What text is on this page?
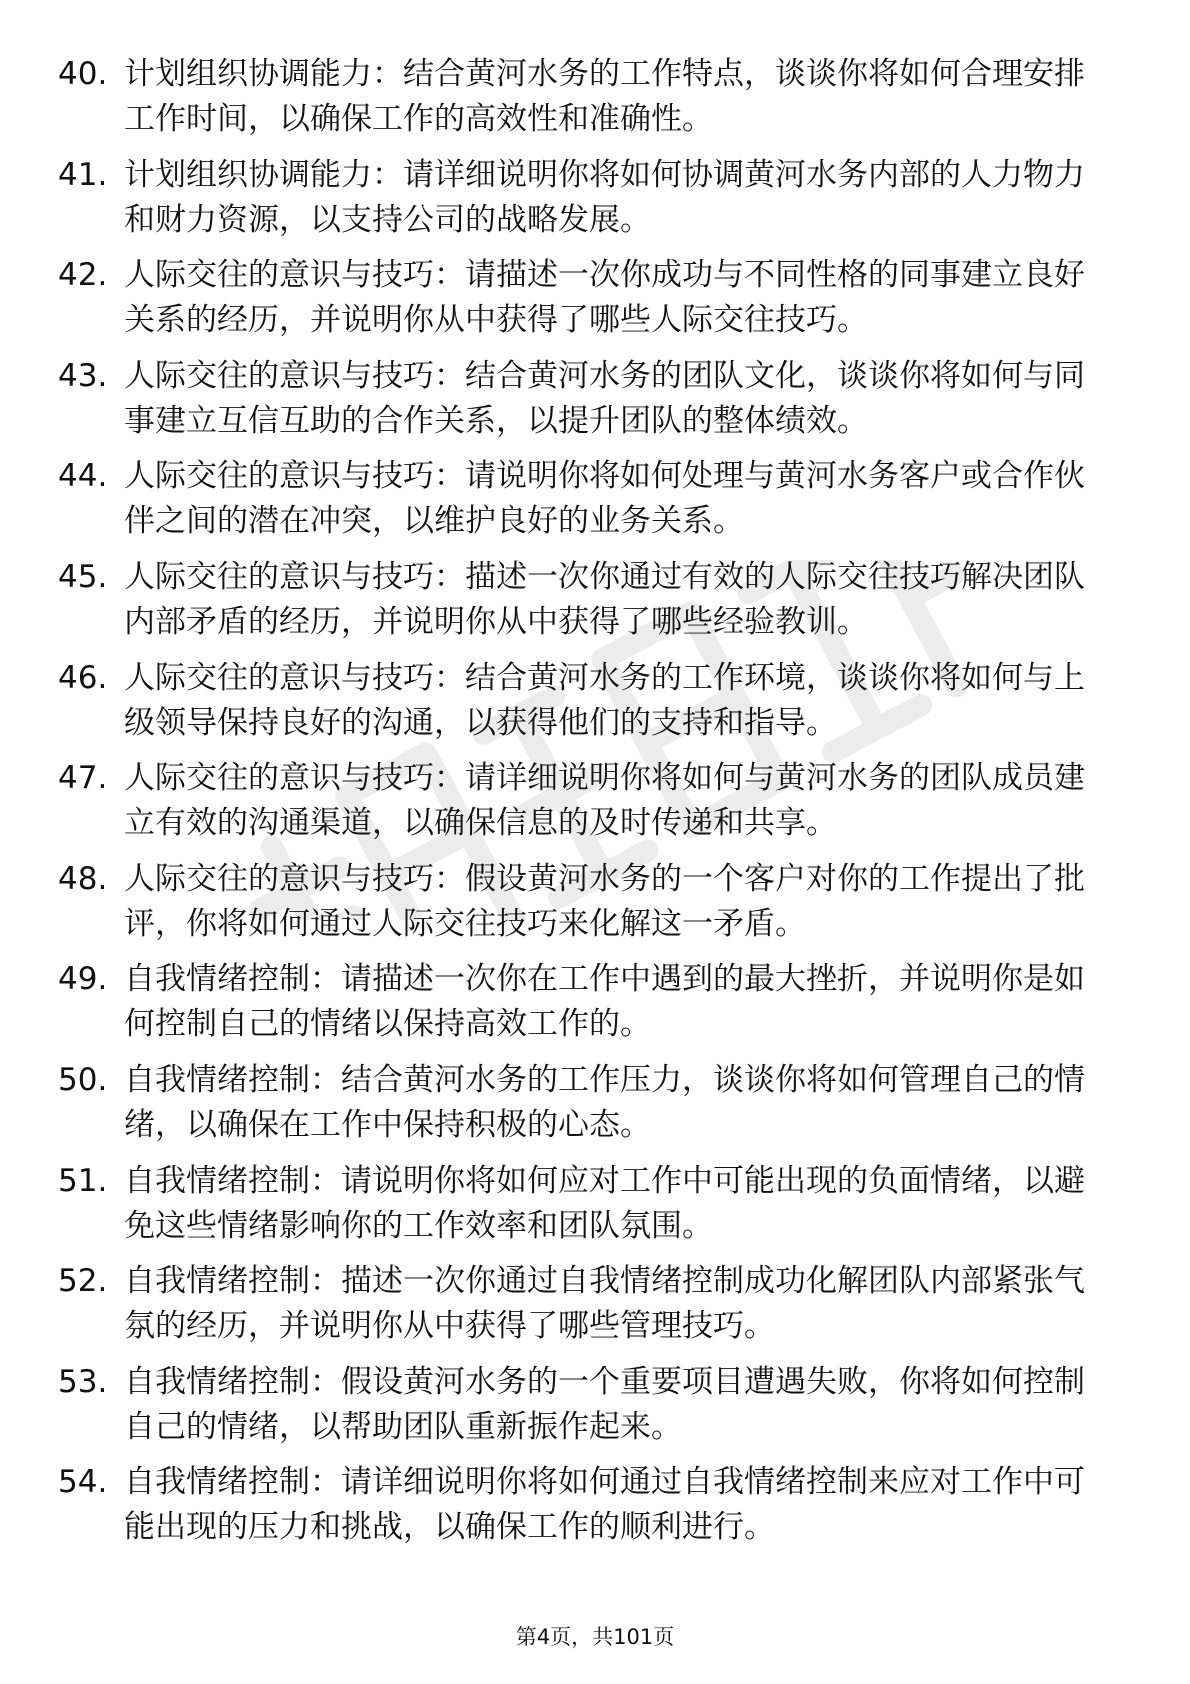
40. 计划组织协调能力：结合黄河水务的工作特点，谈谈你将如何合理安排工作时间，以确保工作的高效性和准确性。
41. 计划组织协调能力：请详细说明你将如何协调黄河水务内部的人力物力和财力资源，以支持公司的战略发展。
42. 人际交往的意识与技巧：请描述一次你成功与不同性格的同事建立良好关系的经历，并说明你从中获得了哪些人际交往技巧。
43. 人际交往的意识与技巧：结合黄河水务的团队文化，谈谈你将如何与同事建立互信互助的合作关系，以提升团队的整体绩效。
44. 人际交往的意识与技巧：请说明你将如何处理与黄河水务客户或合作伙伴之间的潜在冲突，以维护良好的业务关系。
45. 人际交往的意识与技巧：描述一次你通过有效的人际交往技巧解决团队内部矛盾的经历，并说明你从中获得了哪些经验教训。
46. 人际交往的意识与技巧：结合黄河水务的工作环境，谈谈你将如何与上级领导保持良好的沟通，以获得他们的支持和指导。
47. 人际交往的意识与技巧：请详细说明你将如何与黄河水务的团队成员建立有效的沟通渠道，以确保信息的及时传递和共享。
48. 人际交往的意识与技巧：假设黄河水务的一个客户对你的工作提出了批评，你将如何通过人际交往技巧来化解这一矛盾。
49. 自我情绪控制：请描述一次你在工作中遇到的最大挫折，并说明你是如何控制自己的情绪以保持高效工作的。
50. 自我情绪控制：结合黄河水务的工作压力，谈谈你将如何管理自己的情绪，以确保在工作中保持积极的心态。
51. 自我情绪控制：请说明你将如何应对工作中可能出现的负面情绪，以避免这些情绪影响你的工作效率和团队氛围。
52. 自我情绪控制：描述一次你通过自我情绪控制成功化解团队内部紧张气氛的经历，并说明你从中获得了哪些管理技巧。
53. 自我情绪控制：假设黄河水务的一个重要项目遭遇失败，你将如何控制自己的情绪，以帮助团队重新振作起来。
54. 自我情绪控制：请详细说明你将如何通过自我情绪控制来应对工作中可能出现的压力和挑战，以确保工作的顺利进行。
第4页，共101页
